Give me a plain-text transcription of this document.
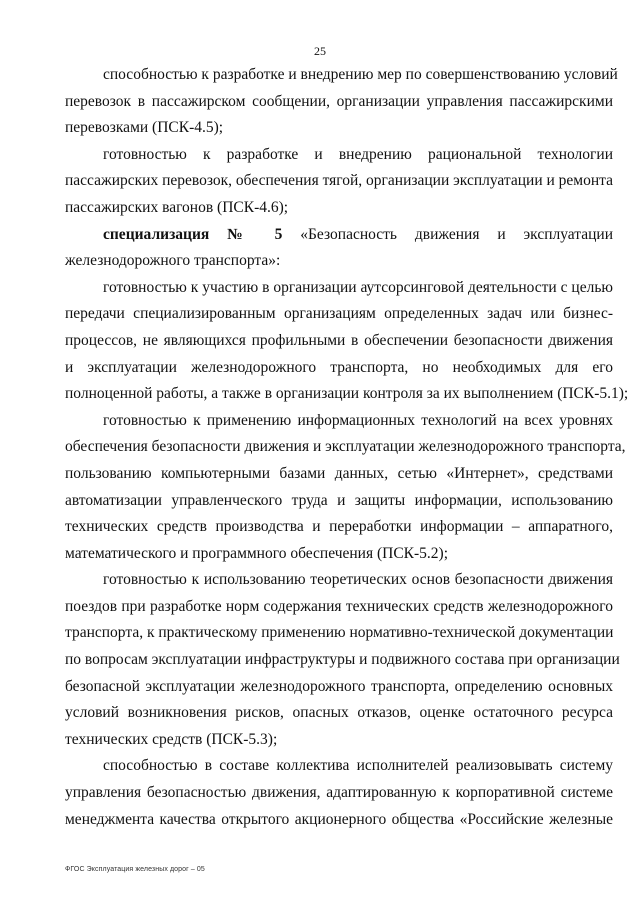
25

способностью к разработке и внедрению мер по совершенствованию условий
перевозок в пассажирском сообщении, организации управления пассажирскими
перевозками (ПСК-4.5);

готовностью к разработке и внедрению рациональной технологии
пассажирских перевозок, обеспечения тягой, организации эксплуатации и ремонта
пассажирских вагонов (ПСК-4.6);

специализация № 5 «Безопасность движения и эксплуатации
железнодорожного транспорта»:

готовностью к участию в организации аутсорсинговой деятельности с целью
передачи специализированным организациям определенных задач или бизнес-
процессов, не являющихся профильными в обеспечении безопасности движения
и эксплуатации железнодорожного транспорта, но необходимых для его
полноценной работы, а также в организации контроля за их выполнением (ПСК-5.1);

готовностью к применению информационных технологий на всех уровнях
обеспечения безопасности движения и эксплуатации железнодорожного транспорта,
пользованию компьютерными базами данных, сетью «Интернет», средствами
автоматизации управленческого труда и защиты информации, использованию
технических средств производства и переработки информации – аппаратного,
математического и программного обеспечения (ПСК-5.2);

готовностью к использованию теоретических основ безопасности движения
поездов при разработке норм содержания технических средств железнодорожного
транспорта, к практическому применению нормативно-технической документации
по вопросам эксплуатации инфраструктуры и подвижного состава при организации
безопасной эксплуатации железнодорожного транспорта, определению основных
условий возникновения рисков, опасных отказов, оценке остаточного ресурса
технических средств (ПСК-5.3);

способностью в составе коллектива исполнителей реализовывать систему
управления безопасностью движения, адаптированную к корпоративной системе
менеджмента качества открытого акционерного общества «Российские железные

ФГОС Эксплуатация железных дорог – 05
